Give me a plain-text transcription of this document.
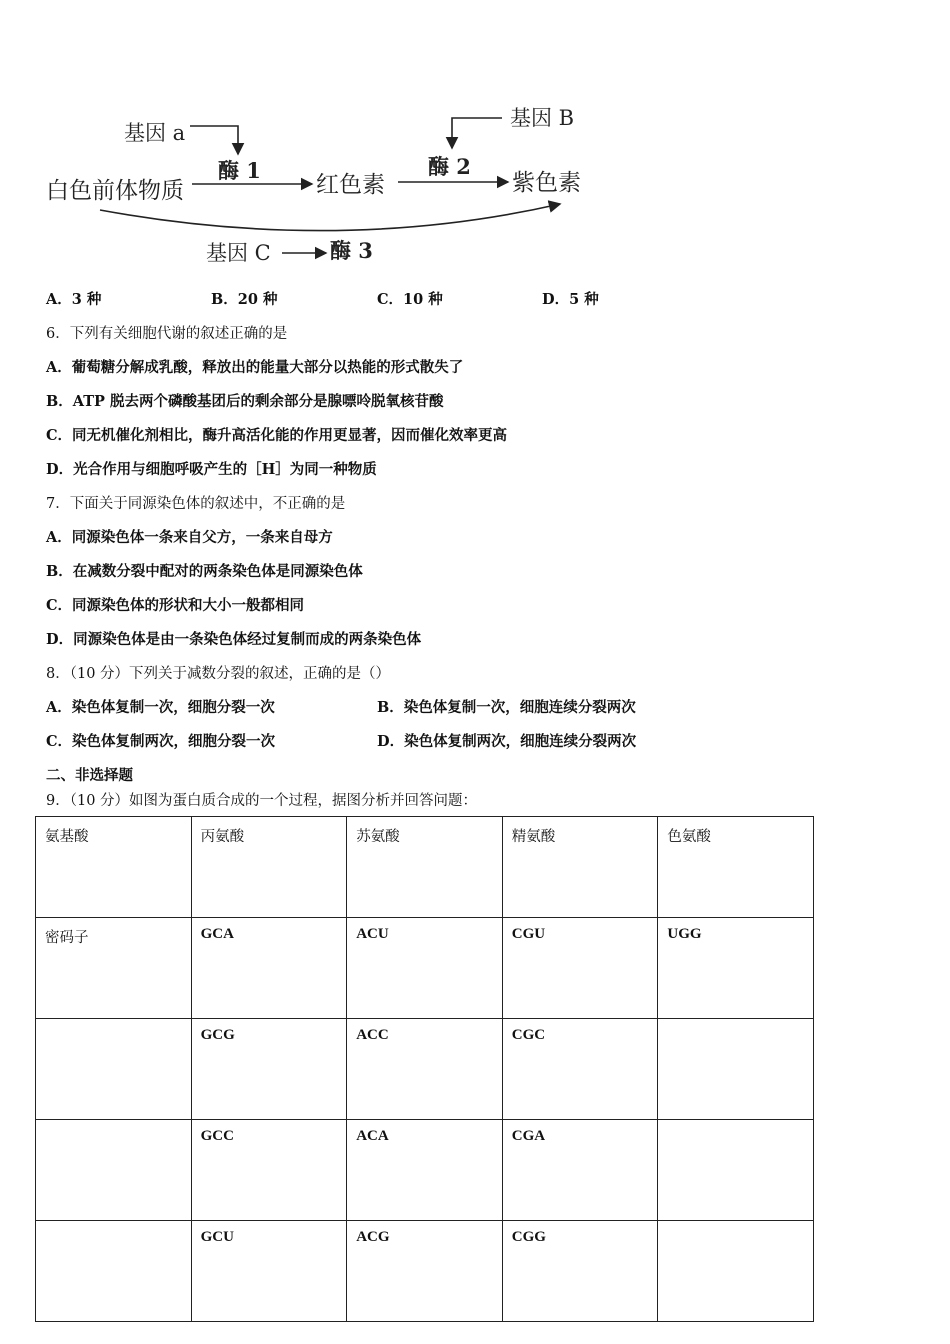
基因 a
酶 1
白色前体物质	红色素
酶 2
基因 B
紫色素
基因 C	酶 3
A．3 种	B．20 种	C．10 种	D．5 种
6．下列有关细胞代谢的叙述正确的是
A．葡萄糖分解成乳酸，释放出的能量大部分以热能的形式散失了
B．ATP 脱去两个磷酸基团后的剩余部分是腺嘌呤脱氧核苷酸
C．同无机催化剂相比，酶升高活化能的作用更显著，因而催化效率更高
D．光合作用与细胞呼吸产生的［H］为同一种物质
7．下面关于同源染色体的叙述中，不正确的是
A．同源染色体一条来自父方，一条来自母方
B．在减数分裂中配对的两条染色体是同源染色体
C．同源染色体的形状和大小一般都相同
D．同源染色体是由一条染色体经过复制而成的两条染色体
8．（10 分）下列关于减数分裂的叙述，正确的是（）
A．染色体复制一次，细胞分裂一次	B．染色体复制一次，细胞连续分裂两次
C．染色体复制两次，细胞分裂一次	D．染色体复制两次，细胞连续分裂两次
二、非选择题
9．（10 分）如图为蛋白质合成的一个过程，据图分析并回答问题：
氨基酸	丙氨酸	苏氨酸	精氨酸	色氨酸
密码子	GCA	ACU	CGU	UGG
	GCG	ACC	CGC	
	GCC	ACA	CGA	
	GCU	ACG	CGG	
